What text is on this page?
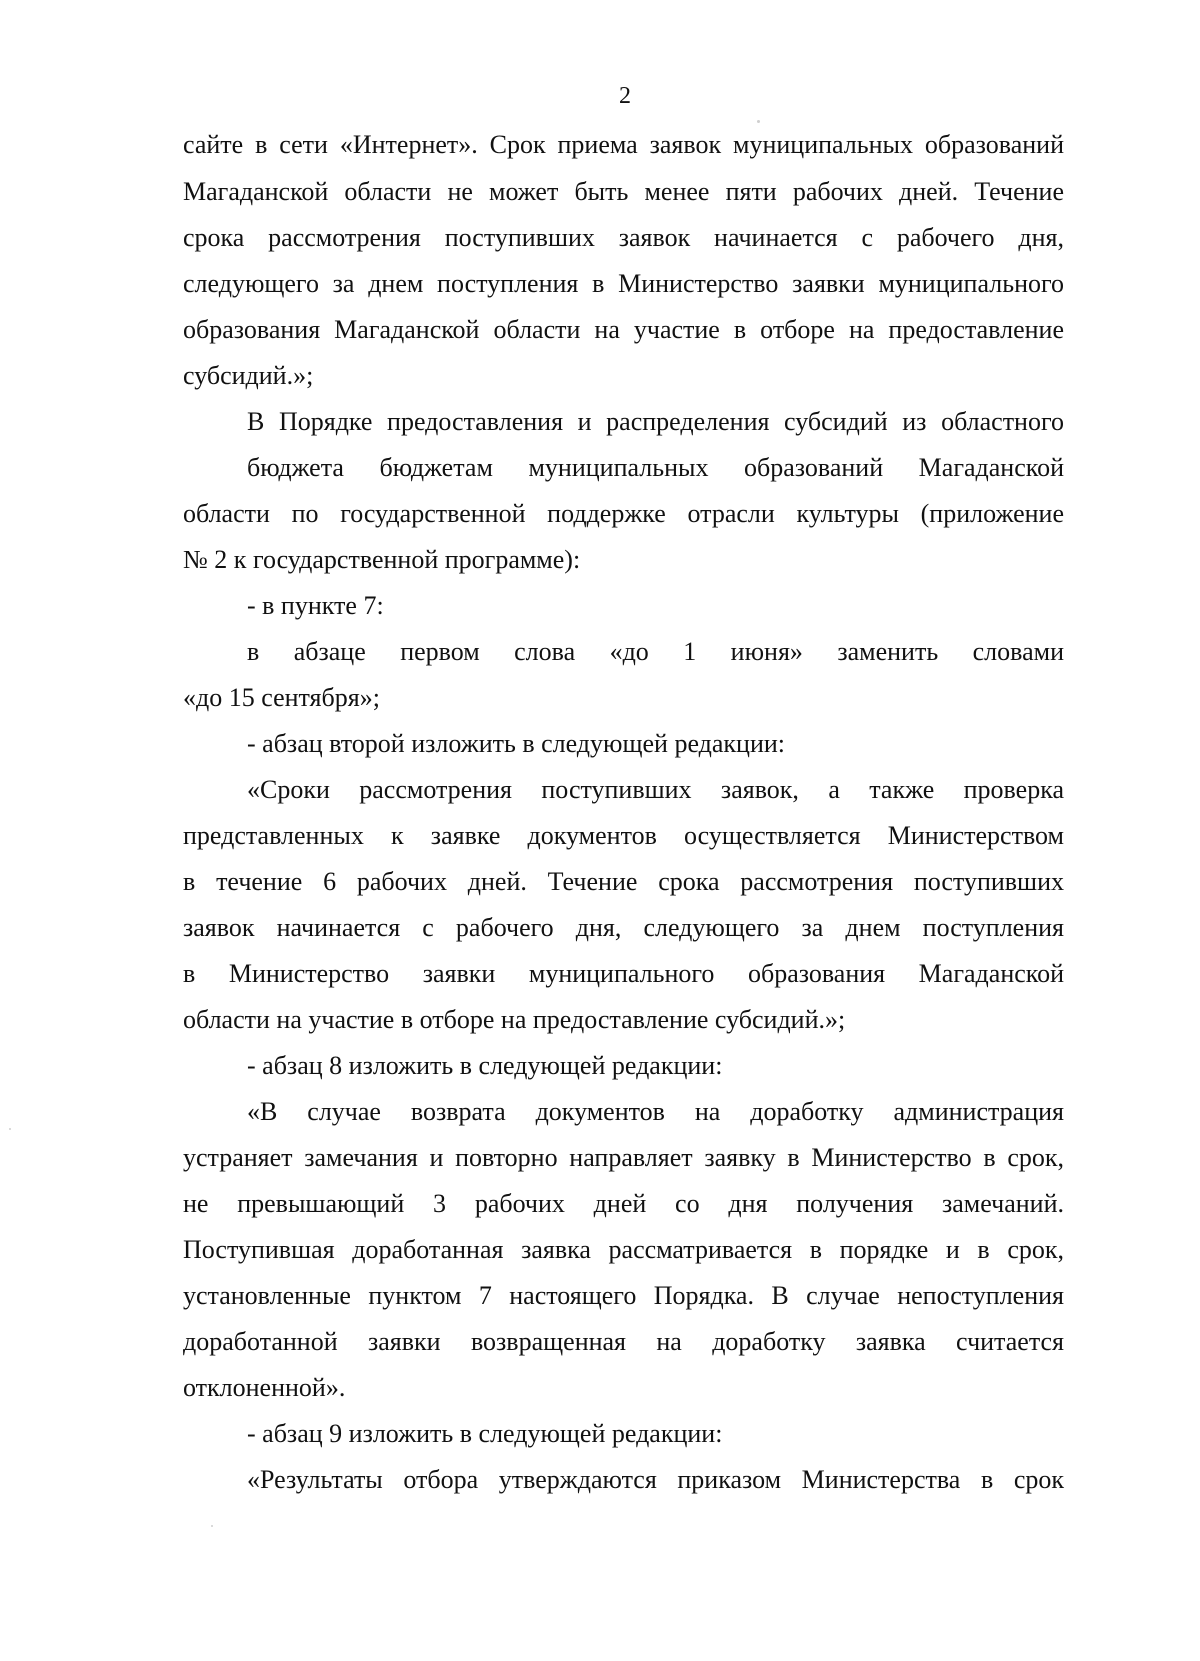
2
сайте в сети «Интернет». Срок приема заявок муниципальных образований
Магаданской области не может быть менее пяти рабочих дней. Течение
срока рассмотрения поступивших заявок начинается с рабочего дня,
следующего за днем поступления в Министерство заявки муниципального
образования Магаданской области на участие в отборе на предоставление
субсидий.»;
В Порядке предоставления и распределения субсидий из областного
бюджета бюджетам муниципальных образований Магаданской
области по государственной поддержке отрасли культуры (приложение
№ 2 к государственной программе):
- в пункте 7:
в абзаце первом слова «до 1 июня» заменить словами
«до 15 сентября»;
- абзац второй изложить в следующей редакции:
«Сроки рассмотрения поступивших заявок, а также проверка
представленных к заявке документов осуществляется Министерством
в течение 6 рабочих дней. Течение срока рассмотрения поступивших
заявок начинается с рабочего дня, следующего за днем поступления
в Министерство заявки муниципального образования Магаданской
области на участие в отборе на предоставление субсидий.»;
- абзац 8 изложить в следующей редакции:
«В случае возврата документов на доработку администрация
устраняет замечания и повторно направляет заявку в Министерство в срок,
не превышающий 3 рабочих дней со дня получения замечаний.
Поступившая доработанная заявка рассматривается в порядке и в срок,
установленные пунктом 7 настоящего Порядка. В случае непоступления
доработанной заявки возвращенная на доработку заявка считается
отклоненной».
- абзац 9 изложить в следующей редакции:
«Результаты отбора утверждаются приказом Министерства в срок
